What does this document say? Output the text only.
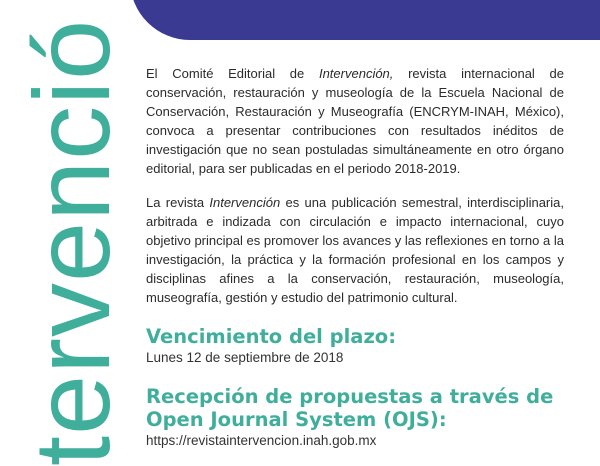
tervenció El Comité Editorial de Intervención, revista internacional de conservación, restauración y museología de la Escuela Nacional de Conservación, Restauración y Museografía (ENCRYM-INAH, México), convoca a presentar contribuciones con resultados inéditos de investigación que no sean postuladas simultáneamente en otro órgano editorial, para ser publicadas en el periodo 2018-2019.

La revista Intervención es una publicación semestral, interdisciplinaria, arbitrada e indizada con circulación e impacto internacional, cuyo objetivo principal es promover los avances y las reflexiones en torno a la investigación, la práctica y la formación profesional en los campos y disciplinas afines a la conservación, restauración, museología, museografía, gestión y estudio del patrimonio cultural.

Vencimiento del plazo:

Lunes 12 de septiembre de 2018

Recepción de propuestas a través de Open Journal System (OJS):

https://revistaintervencion.inah.gob.mx
